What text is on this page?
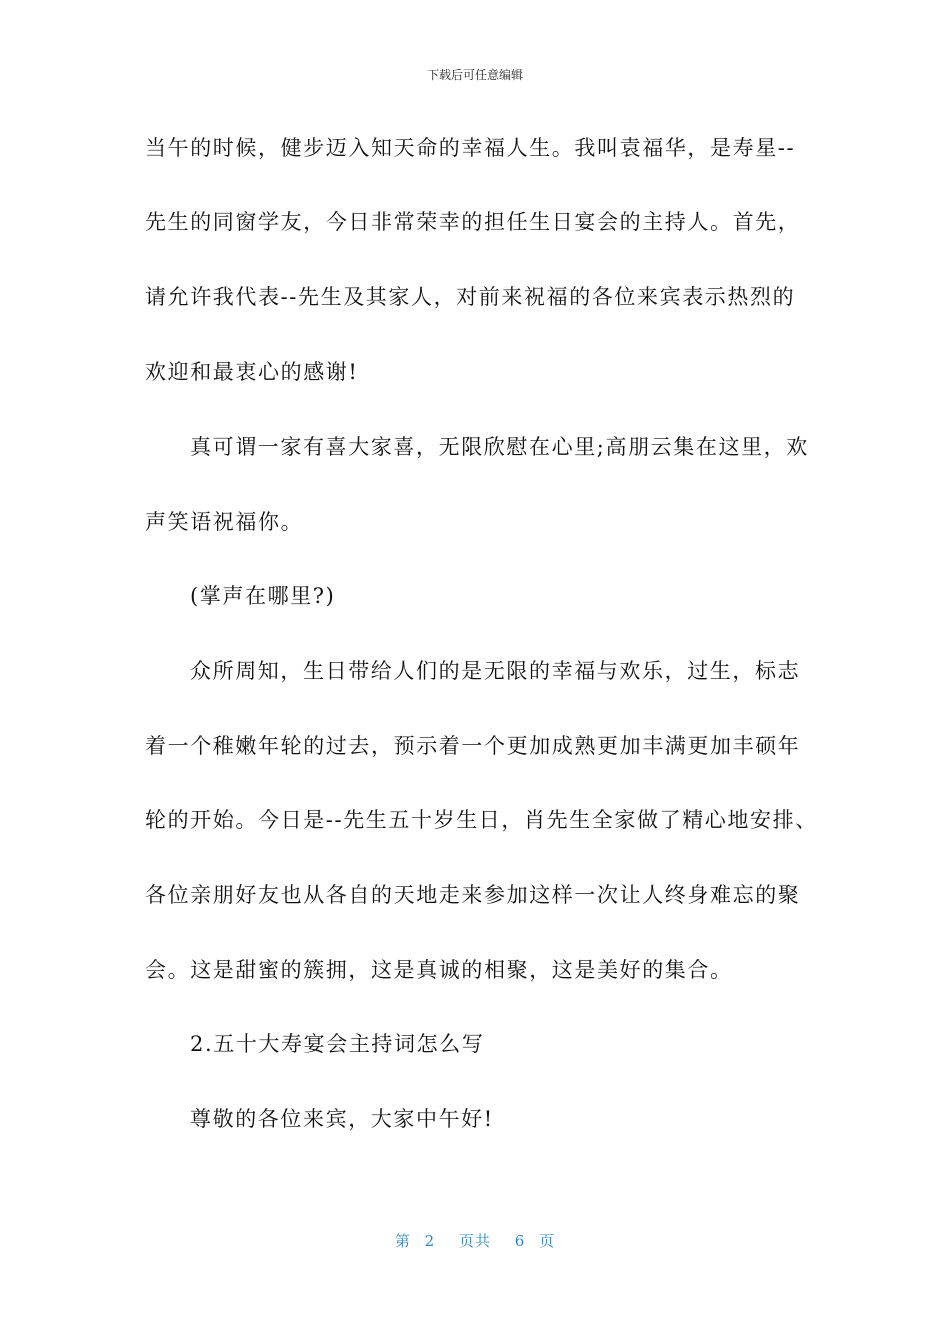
下载后可任意编辑
当午的时候，健步迈入知天命的幸福人生。我叫袁福华，是寿星--
先生的同窗学友，今日非常荣幸的担任生日宴会的主持人。首先，
请允许我代表--先生及其家人，对前来祝福的各位来宾表示热烈的
欢迎和最衷心的感谢!
真可谓一家有喜大家喜，无限欣慰在心里;高朋云集在这里，欢
声笑语祝福你。
(掌声在哪里?)
众所周知，生日带给人们的是无限的幸福与欢乐，过生，标志
着一个稚嫩年轮的过去，预示着一个更加成熟更加丰满更加丰硕年
轮的开始。今日是--先生五十岁生日，肖先生全家做了精心地安排、
各位亲朋好友也从各自的天地走来参加这样一次让人终身难忘的聚
会。这是甜蜜的簇拥，这是真诚的相聚，这是美好的集合。
2.五十大寿宴会主持词怎么写
尊敬的各位来宾，大家中午好!
第 2 页共 6 页
